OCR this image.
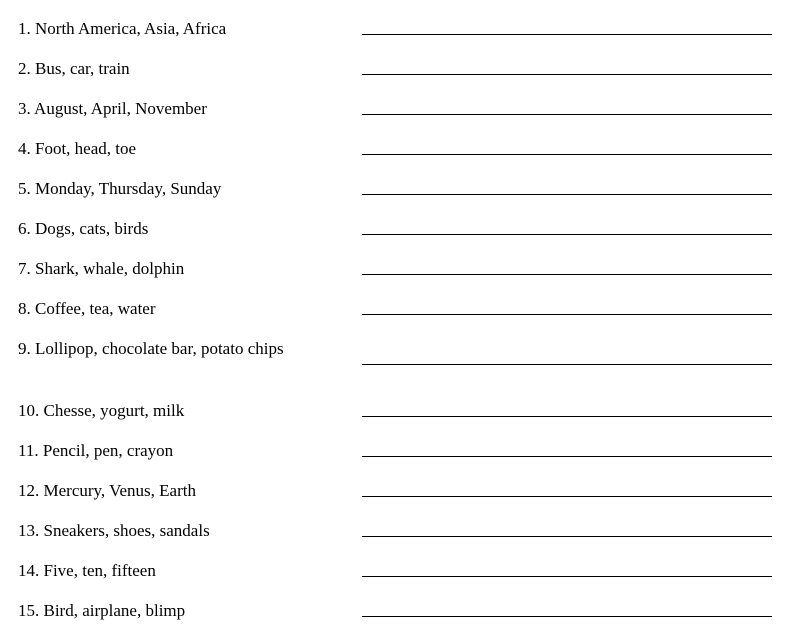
1. North America, Asia, Africa
2. Bus, car, train
3. August, April, November
4. Foot, head, toe
5. Monday, Thursday, Sunday
6. Dogs, cats, birds
7. Shark, whale, dolphin
8. Coffee, tea, water
9. Lollipop, chocolate bar, potato chips
10. Chesse, yogurt, milk
11. Pencil, pen, crayon
12. Mercury, Venus, Earth
13. Sneakers, shoes, sandals
14. Five, ten, fifteen
15. Bird, airplane, blimp
